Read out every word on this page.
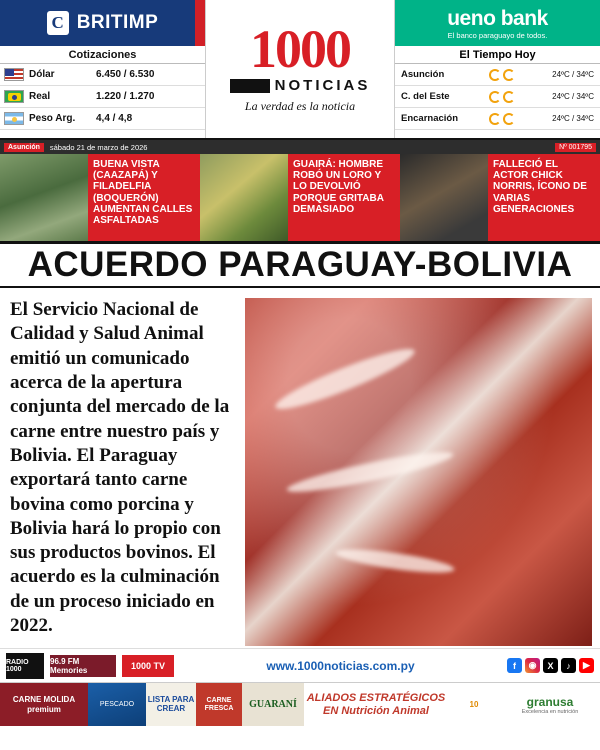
C BRITIMP
Cotizaciones
Dólar	6.450 / 6.530
Real	1.220 / 1.270
Peso Arg.	4,4 / 4,8
1000
NOTICIAS
La verdad es la noticia
ueno bank
El banco paraguayo de todos.
El Tiempo Hoy
Asunción	24ºC / 34ºC
C. del Este	24ºC / 34ºC
Encarnación	24ºC / 34ºC
Asunción	sábado 21 de marzo de 2026	Nº 001795
BUENA VISTA (CAAZAPÁ) Y FILADELFIA (BOQUERÓN) AUMENTAN CALLES ASFALTADAS
GUAIRÁ: HOMBRE ROBÓ UN LORO Y LO DEVOLVIÓ PORQUE GRITABA DEMASIADO
FALLECIÓ EL ACTOR CHICK NORRIS, ÍCONO DE VARIAS GENERACIONES
ACUERDO PARAGUAY-BOLIVIA
El Servicio Nacional de Calidad y Salud Animal emitió un comunicado acerca de la apertura conjunta del mercado de la carne entre nuestro país y Bolivia. El Paraguay exportará tanto carne bovina como porcina y Bolivia hará lo propio con sus productos bovinos. El acuerdo es la culminación de un proceso iniciado en 2022.
RADIO 1000
96.9 FM Memories	1000 TV	www.1000noticias.com.py	f	◉	X	♪	▶
CARNE MOLIDA premium	PESCADO
LISTA PARA CREAR
CARNE FRESCA	GUARANÍ
ALIADOS ESTRATÉGICOS
EN Nutrición Animal	10	granusa
Excelencia en nutrición
